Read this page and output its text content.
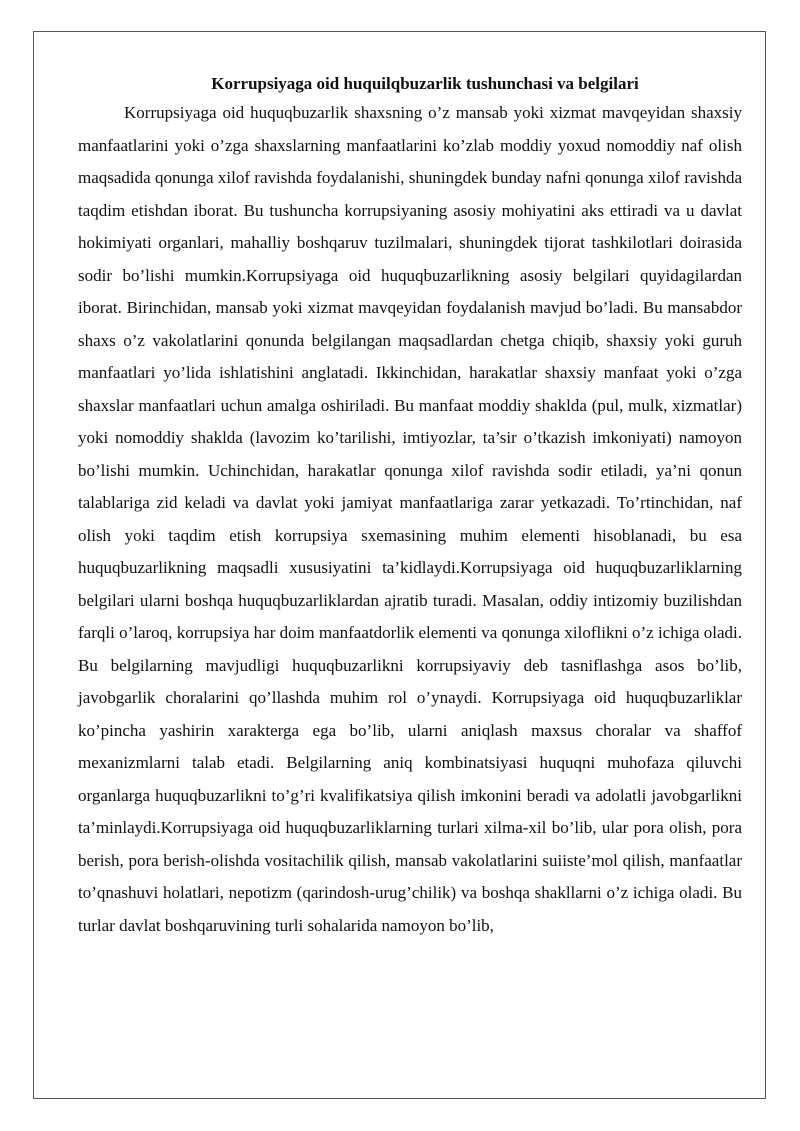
Korrupsiyaga oid huquilqbuzarlik tushunchasi va belgilari

Korrupsiyaga oid huquqbuzarlik shaxsning o’z mansab yoki xizmat mavqeyidan shaxsiy manfaatlarini yoki o’zga shaxslarning manfaatlarini ko’zlab moddiy yoxud nomoddiy naf olish maqsadida qonunga xilof ravishda foydalanishi, shuningdek bunday nafni qonunga xilof ravishda taqdim etishdan iborat. Bu tushuncha korrupsiyaning asosiy mohiyatini aks ettiradi va u davlat hokimiyati organlari, mahalliy boshqaruv tuzilmalari, shuningdek tijorat tashkilotlari doirasida sodir bo’lishi mumkin.Korrupsiyaga oid huquqbuzarlikning asosiy belgilari quyidagilardan iborat. Birinchidan, mansab yoki xizmat mavqeyidan foydalanish mavjud bo’ladi. Bu mansabdor shaxs o’z vakolatlarini qonunda belgilangan maqsadlardan chetga chiqib, shaxsiy yoki guruh manfaatlari yo’lida ishlatishini anglatadi. Ikkinchidan, harakatlar shaxsiy manfaat yoki o’zga shaxslar manfaatlari uchun amalga oshiriladi. Bu manfaat moddiy shaklda (pul, mulk, xizmatlar) yoki nomoddiy shaklda (lavozim ko’tarilishi, imtiyozlar, ta’sir o’tkazish imkoniyati) namoyon bo’lishi mumkin. Uchinchidan, harakatlar qonunga xilof ravishda sodir etiladi, ya’ni qonun talablariga zid keladi va davlat yoki jamiyat manfaatlariga zarar yetkazadi. To’rtinchidan, naf olish yoki taqdim etish korrupsiya sxemasining muhim elementi hisoblanadi, bu esa huquqbuzarlikning maqsadli xususiyatini ta’kidlaydi.Korrupsiyaga oid huquqbuzarliklarning belgilari ularni boshqa huquqbuzarliklardan ajratib turadi. Masalan, oddiy intizomiy buzilishdan farqli o’laroq, korrupsiya har doim manfaatdorlik elementi va qonunga xiloflikni o’z ichiga oladi. Bu belgilarning mavjudligi huquqbuzarlikni korrupsiyaviy deb tasniflashga asos bo’lib, javobgarlik choralarini qo’llashda muhim rol o’ynaydi. Korrupsiyaga oid huquqbuzarliklar ko’pincha yashirin xarakterga ega bo’lib, ularni aniqlash maxsus choralar va shaffof mexanizmlarni talab etadi. Belgilarning aniq kombinatsiyasi huquqni muhofaza qiluvchi organlarga huquqbuzarlikni to’g’ri kvalifikatsiya qilish imkonini beradi va adolatli javobgarlikni ta’minlaydi.Korrupsiyaga oid huquqbuzarliklarning turlari xilma-xil bo’lib, ular pora olish, pora berish, pora berish-olishda vositachilik qilish, mansab vakolatlarini suiiste’mol qilish, manfaatlar to’qnashuvi holatlari, nepotizm (qarindosh-urug’chilik) va boshqa shakllarni o’z ichiga oladi. Bu turlar davlat boshqaruvining turli sohalarida namoyon bo’lib,
